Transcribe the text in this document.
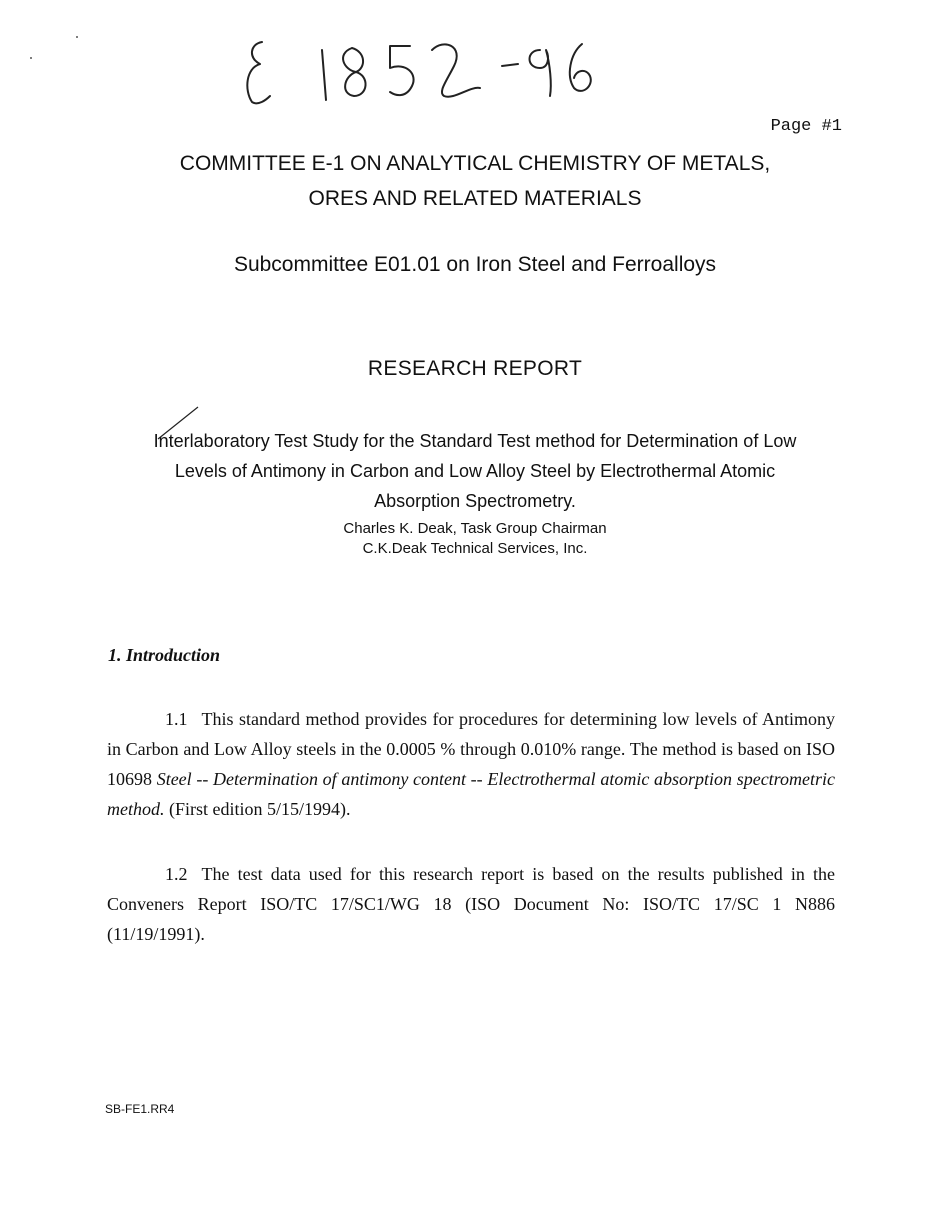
Page #1
COMMITTEE E-1 ON ANALYTICAL CHEMISTRY OF METALS,
ORES AND RELATED MATERIALS
Subcommittee E01.01 on Iron Steel and Ferroalloys
RESEARCH REPORT
Interlaboratory Test Study for the Standard Test method for Determination of Low
Levels of Antimony in Carbon and Low Alloy Steel by Electrothermal Atomic
Absorption Spectrometry.
Charles K. Deak, Task Group Chairman
C.K.Deak Technical Services, Inc.
1. Introduction
1.1 This standard method provides for procedures for determining low levels of Antimony in Carbon and Low Alloy steels in the 0.0005 % through 0.010% range. The method is based on ISO 10698 Steel -- Determination of antimony content -- Electrothermal atomic absorption spectrometric method. (First edition 5/15/1994).
1.2 The test data used for this research report is based on the results published in the Conveners Report ISO/TC 17/SC1/WG 18 (ISO Document No: ISO/TC 17/SC 1 N886 (11/19/1991).
SB-FE1.RR4
